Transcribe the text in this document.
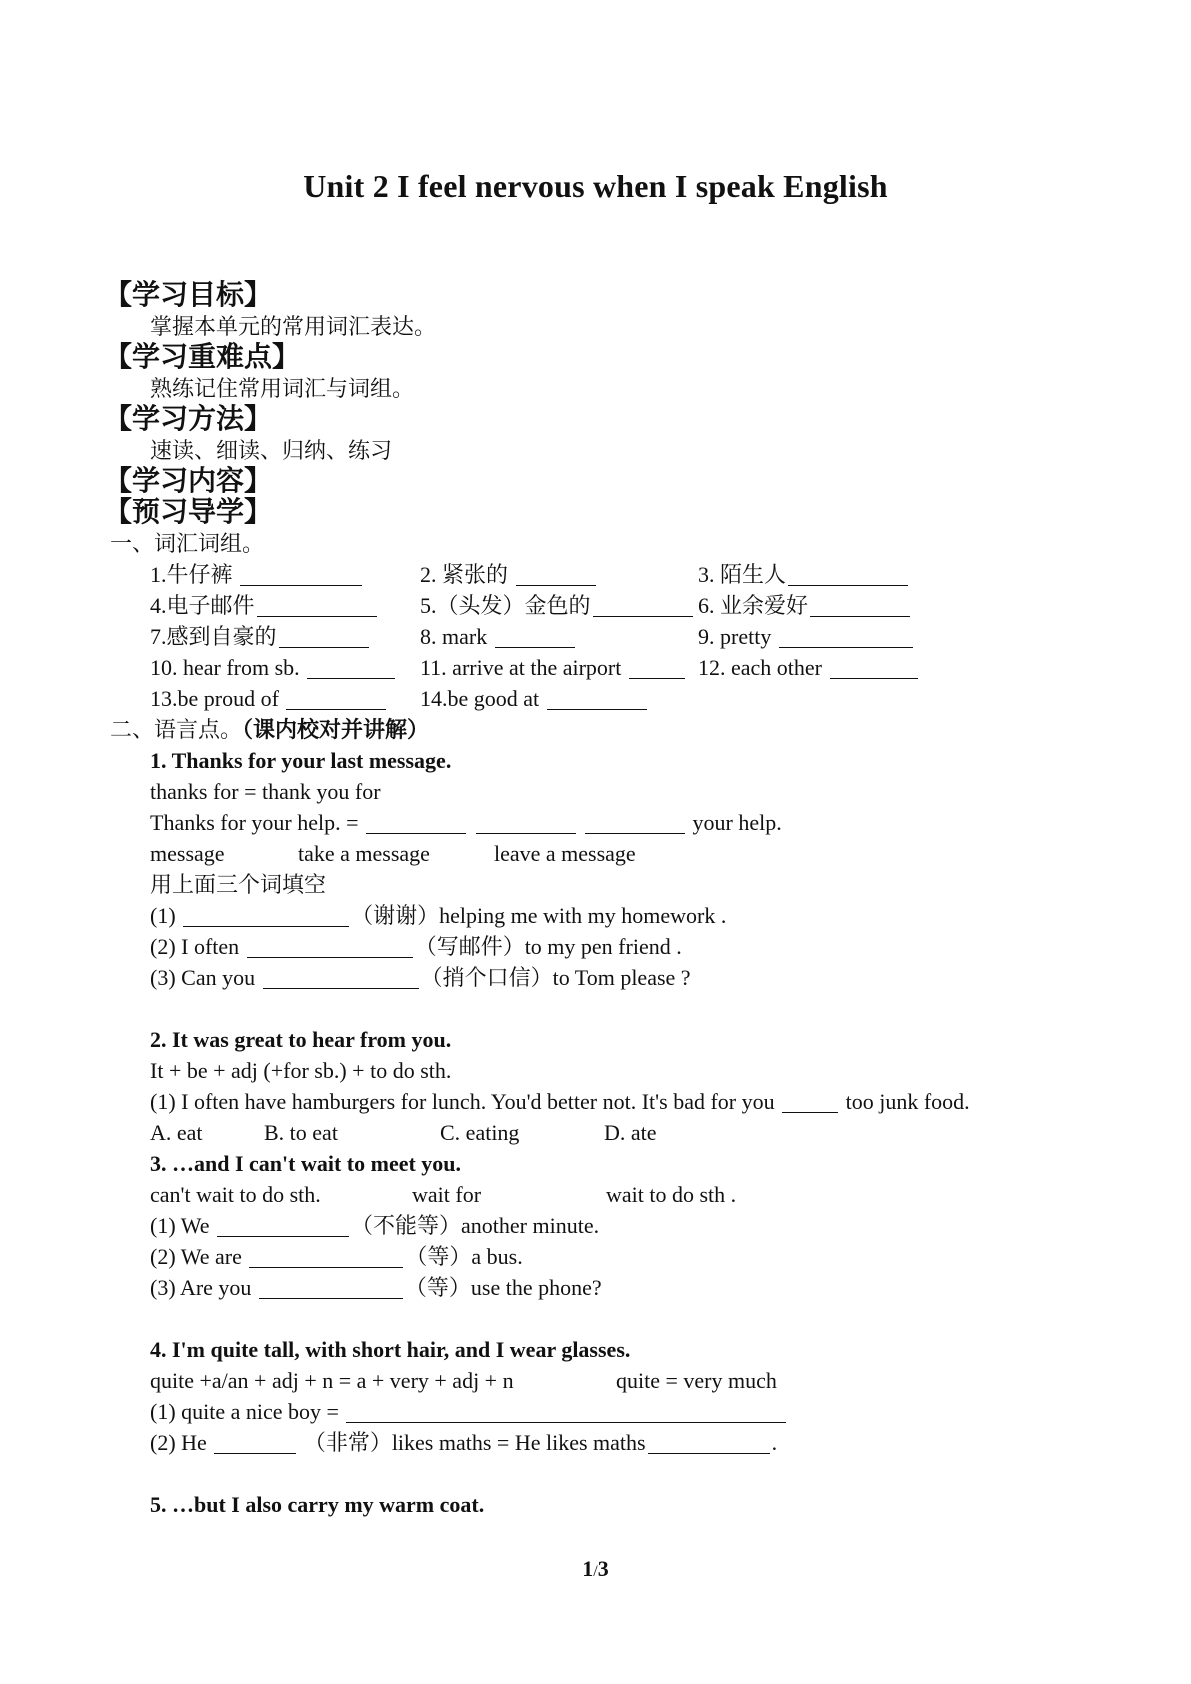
Unit 2 I feel nervous when I speak English
【学习目标】
掌握本单元的常用词汇表达。
【学习重难点】
熟练记住常用词汇与词组。
【学习方法】
速读、细读、归纳、练习
【学习内容】
【预习导学】
一、词汇词组。
1.牛仔裤	2. 紧张的	3. 陌生人
4.电子邮件	5.（头发）金色的	6. 业余爱好
7.感到自豪的	8. mark	9. pretty
10. hear from sb.	11. arrive at the airport	12. each other
13.be proud of	14.be good at
二、语言点。（课内校对并讲解）
1. Thanks for your last message.
thanks for = thank you for
Thanks for your help. =	your help.
message	take a message	leave a message
用上面三个词填空
(1)	（谢谢）helping me with my homework .
(2) I often	（写邮件）to my pen friend .
(3) Can you	（捎个口信）to Tom please ?
2. It was great to hear from you.
It + be + adj (+for sb.) + to do sth.
(1) I often have hamburgers for lunch. You'd better not. It's bad for you	too junk food.
A. eat	B. to eat	C. eating	D. ate
3. …and I can't wait to meet you.
can't wait to do sth.	wait for	wait to do sth .
(1) We	（不能等）another minute.
(2) We are	（等）a bus.
(3) Are you	（等）use the phone?
4. I'm quite tall, with short hair, and I wear glasses.
quite +a/an + adj + n = a + very + adj + n	quite = very much
(1) quite a nice boy =
(2) He	（非常）likes maths = He likes maths	.
5. …but I also carry my warm coat.
1/3
